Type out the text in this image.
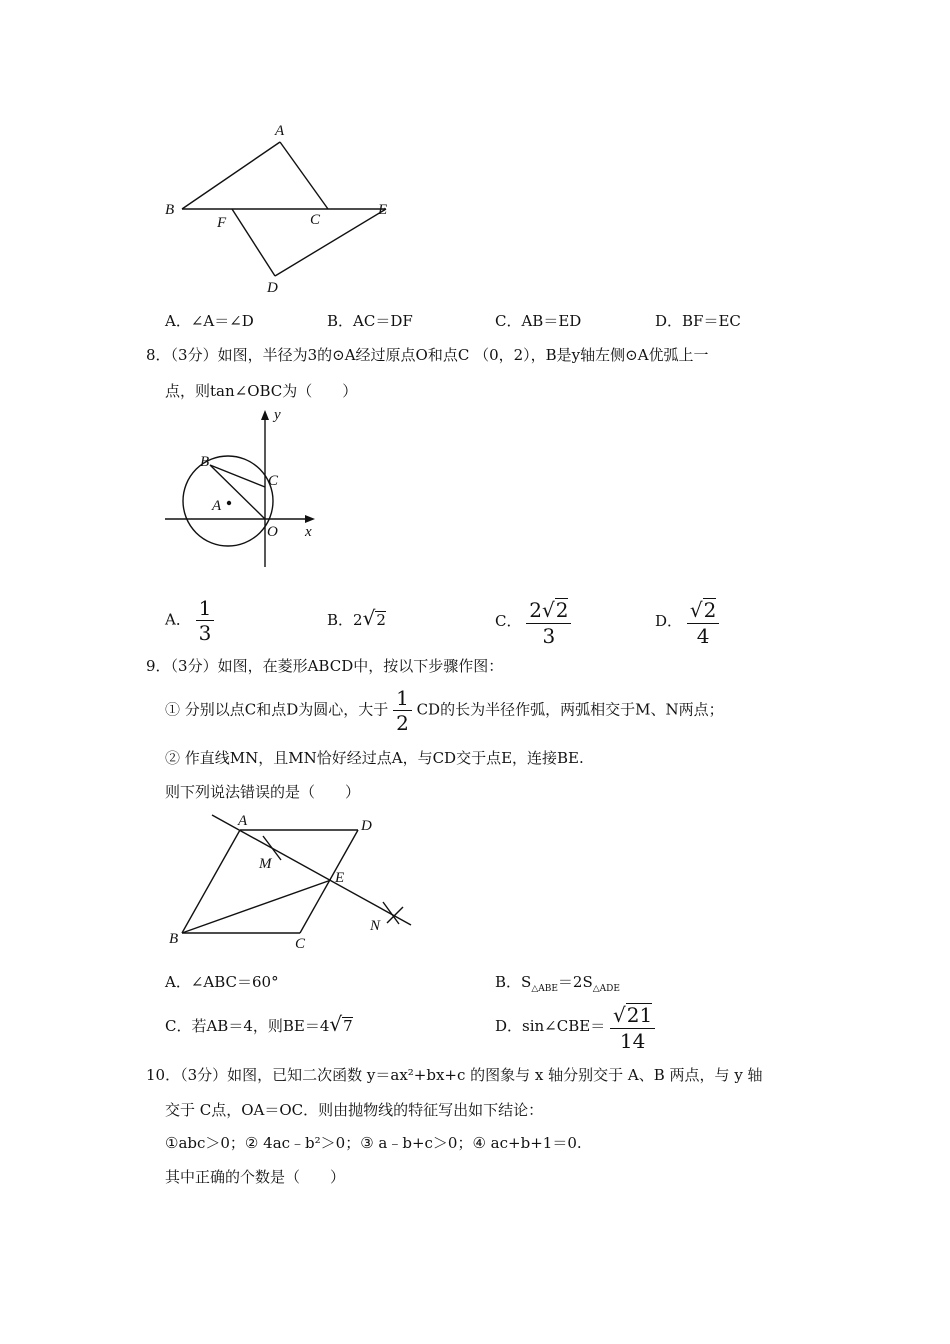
A
B
F	C
E
D
A．∠A＝∠D	B．AC＝DF	C．AB＝ED	D．BF＝EC
8．（3分）如图，半径为3的⊙A经过原点O和点C （0，2），B是y轴左侧⊙A优弧上一
点，则tan∠OBC为（　　）
y
x
B
C
A
O
A． $\frac{1}{3}$	B．2√2	C． $\frac{2√2}{3}$	D． $\frac{√2}{4}$
9．（3分）如图，在菱形ABCD中，按以下步骤作图：
① 分别以点C和点D为圆心，大于 $\frac{1}{2}$ CD的长为半径作弧，两弧相交于M、N两点；
② 作直线MN，且MN恰好经过点A，与CD交于点E，连接BE.
则下列说法错误的是（　　）
A	D
M
E
N
B	C
A．∠ABC＝60°	B．$S_{\triangle ABE}=2S_{\triangle ADE}$
C．若AB＝4，则BE＝4√7	D．sin∠CBE＝ $\frac{√21}{14}$
10．（3分）如图，已知二次函数 y＝ax²+bx+c 的图象与 x 轴分别交于 A、B 两点，与 y 轴
交于 C点，OA＝OC．则由抛物线的特征写出如下结论：
①abc＞0；② 4ac﹣b²＞0；③ a﹣b+c＞0；④ ac+b+1＝0.
其中正确的个数是（　　）
